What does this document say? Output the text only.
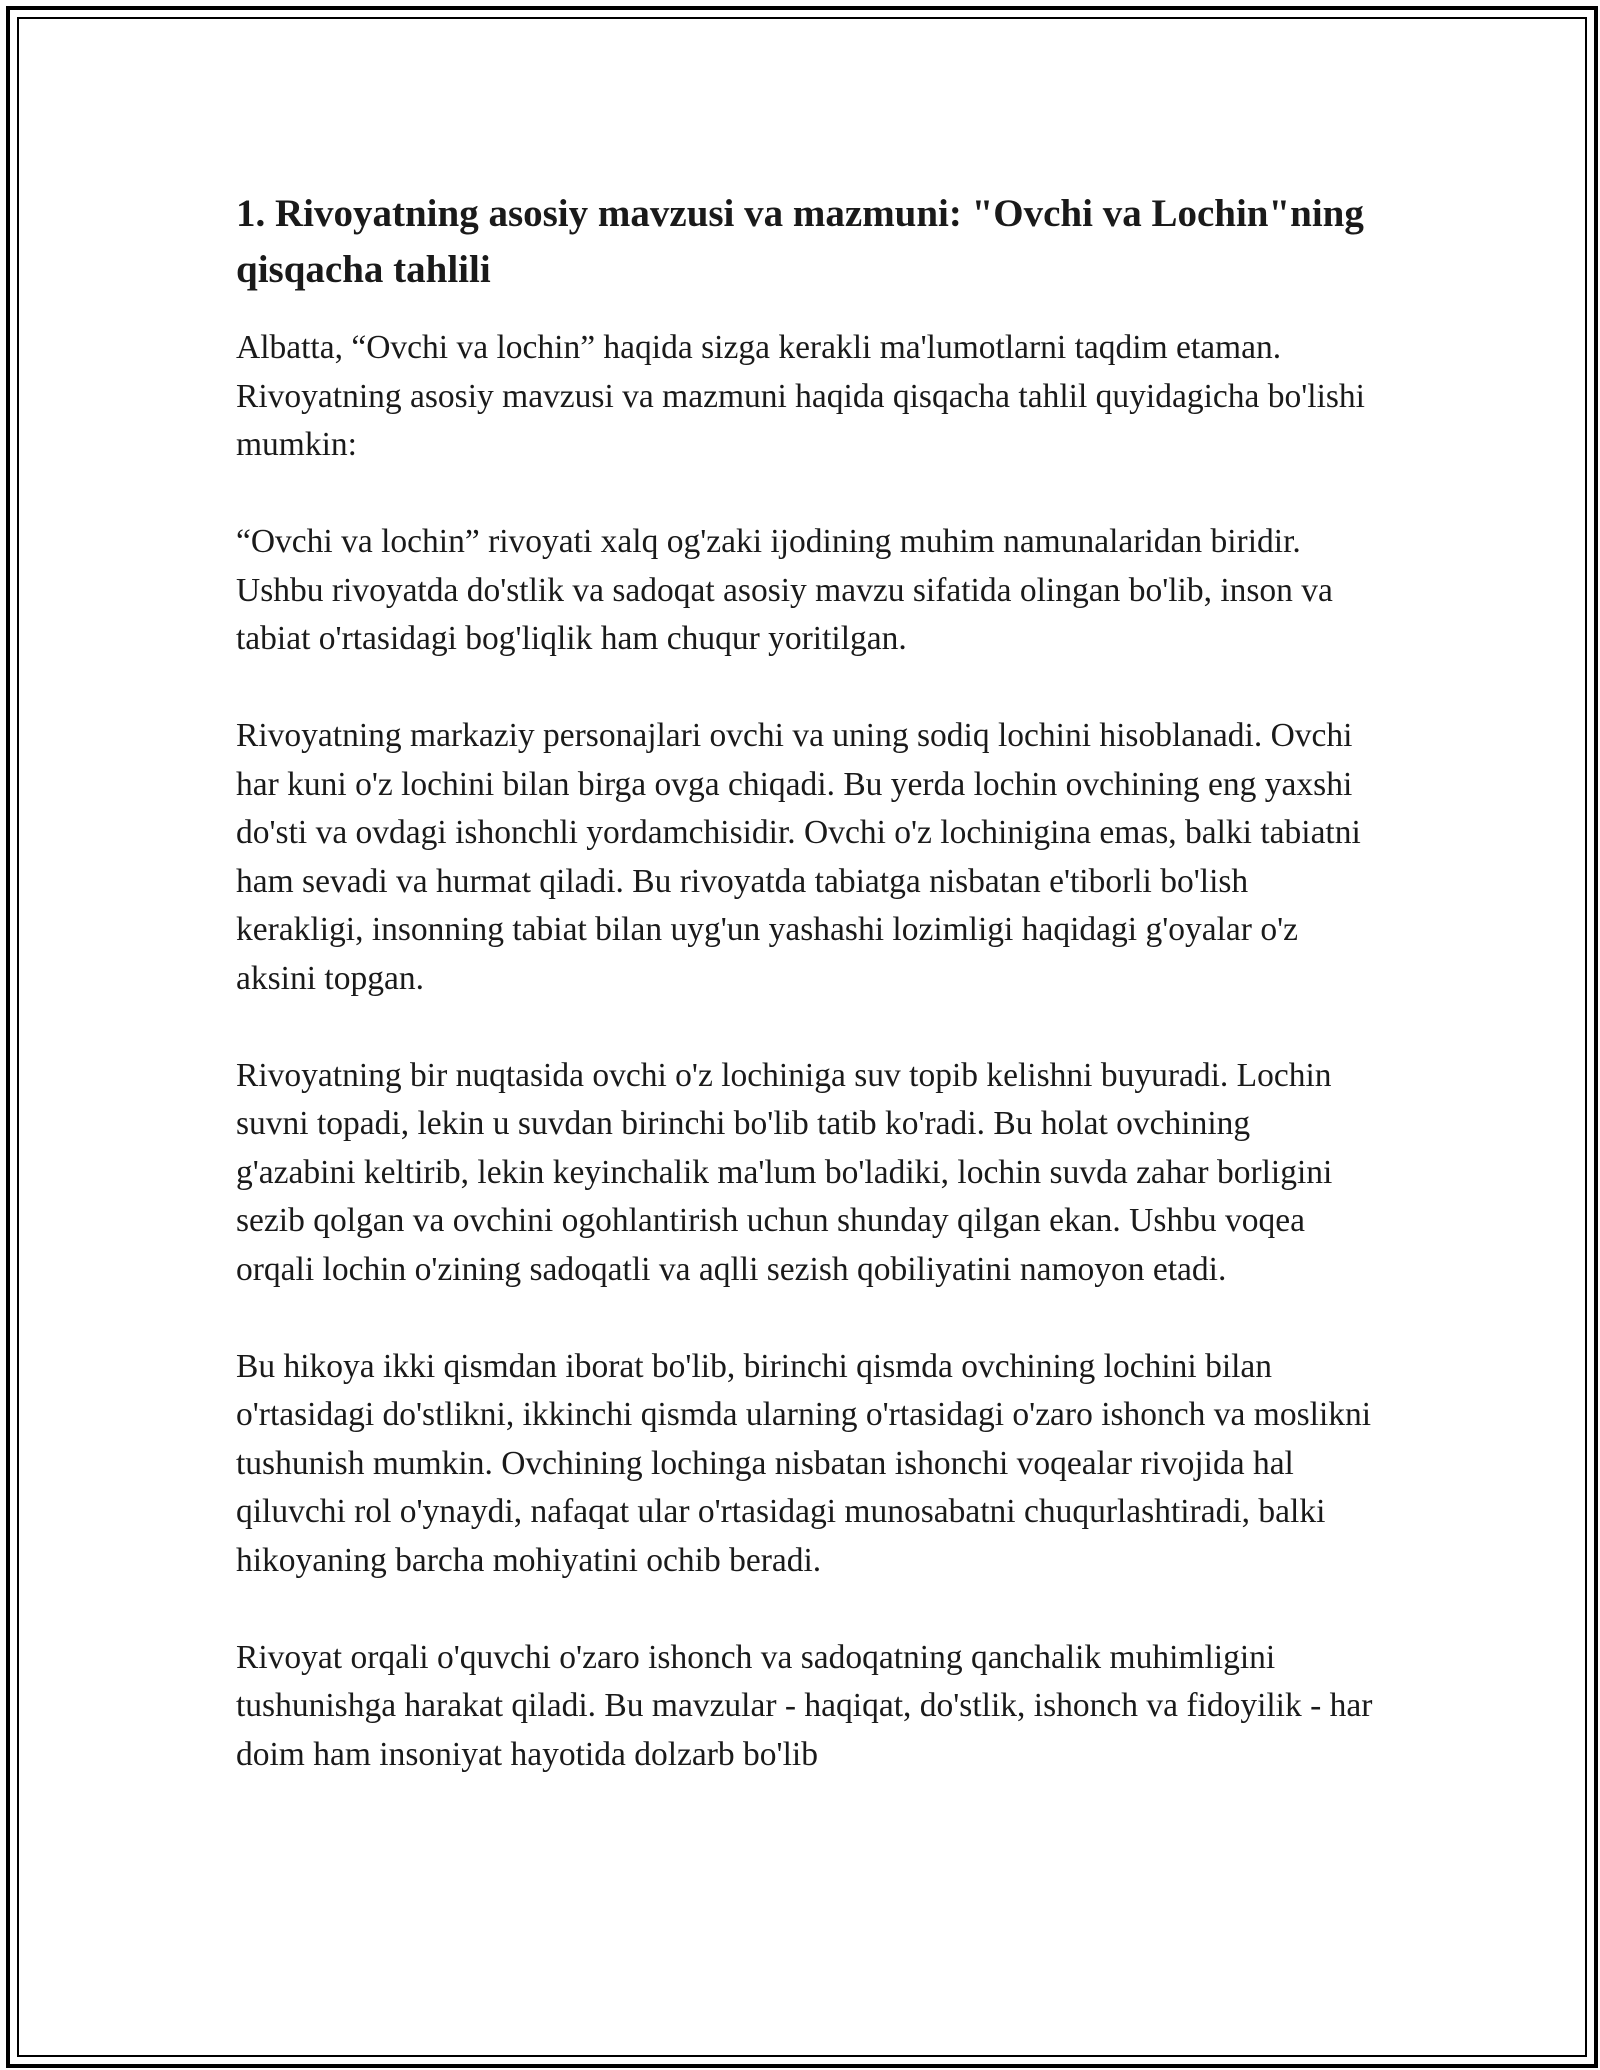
1. Rivoyatning asosiy mavzusi va mazmuni: "Ovchi va Lochin"ning qisqacha tahlili

Albatta, “Ovchi va lochin” haqida sizga kerakli ma'lumotlarni taqdim etaman. Rivoyatning asosiy mavzusi va mazmuni haqida qisqacha tahlil quyidagicha bo'lishi mumkin:

“Ovchi va lochin” rivoyati xalq og'zaki ijodining muhim namunalaridan biridir. Ushbu rivoyatda do'stlik va sadoqat asosiy mavzu sifatida olingan bo'lib, inson va tabiat o'rtasidagi bog'liqlik ham chuqur yoritilgan.

Rivoyatning markaziy personajlari ovchi va uning sodiq lochini hisoblanadi. Ovchi har kuni o'z lochini bilan birga ovga chiqadi. Bu yerda lochin ovchining eng yaxshi do'sti va ovdagi ishonchli yordamchisidir. Ovchi o'z lochinigina emas, balki tabiatni ham sevadi va hurmat qiladi. Bu rivoyatda tabiatga nisbatan e'tiborli bo'lish kerakligi, insonning tabiat bilan uyg'un yashashi lozimligi haqidagi g'oyalar o'z aksini topgan.

Rivoyatning bir nuqtasida ovchi o'z lochiniga suv topib kelishni buyuradi. Lochin suvni topadi, lekin u suvdan birinchi bo'lib tatib ko'radi. Bu holat ovchining g'azabini keltirib, lekin keyinchalik ma'lum bo'ladiki, lochin suvda zahar borligini sezib qolgan va ovchini ogohlantirish uchun shunday qilgan ekan. Ushbu voqea orqali lochin o'zining sadoqatli va aqlli sezish qobiliyatini namoyon etadi.

Bu hikoya ikki qismdan iborat bo'lib, birinchi qismda ovchining lochini bilan o'rtasidagi do'stlikni, ikkinchi qismda ularning o'rtasidagi o'zaro ishonch va moslikni tushunish mumkin. Ovchining lochinga nisbatan ishonchi voqealar rivojida hal qiluvchi rol o'ynaydi, nafaqat ular o'rtasidagi munosabatni chuqurlashtiradi, balki hikoyaning barcha mohiyatini ochib beradi.

Rivoyat orqali o'quvchi o'zaro ishonch va sadoqatning qanchalik muhimligini tushunishga harakat qiladi. Bu mavzular - haqiqat, do'stlik, ishonch va fidoyilik - har doim ham insoniyat hayotida dolzarb bo'lib
